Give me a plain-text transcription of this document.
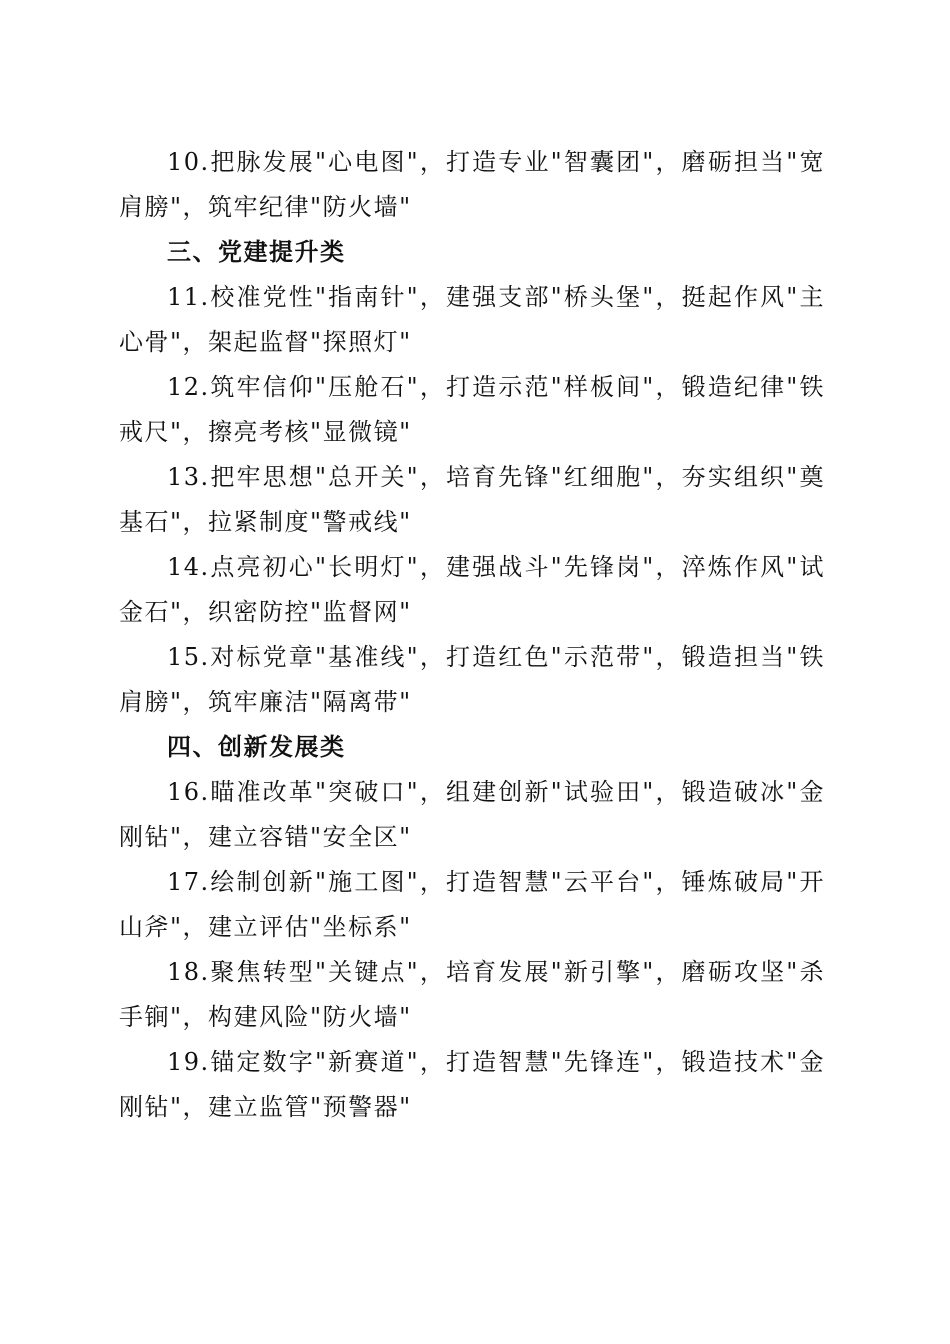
10.把脉发展"心电图"，打造专业"智囊团"，磨砺担当"宽肩膀"，筑牢纪律"防火墙"

三、党建提升类

11.校准党性"指南针"，建强支部"桥头堡"，挺起作风"主心骨"，架起监督"探照灯"

12.筑牢信仰"压舱石"，打造示范"样板间"，锻造纪律"铁戒尺"，擦亮考核"显微镜"

13.把牢思想"总开关"，培育先锋"红细胞"，夯实组织"奠基石"，拉紧制度"警戒线"

14.点亮初心"长明灯"，建强战斗"先锋岗"，淬炼作风"试金石"，织密防控"监督网"

15.对标党章"基准线"，打造红色"示范带"，锻造担当"铁肩膀"，筑牢廉洁"隔离带"

四、创新发展类

16.瞄准改革"突破口"，组建创新"试验田"，锻造破冰"金刚钻"，建立容错"安全区"

17.绘制创新"施工图"，打造智慧"云平台"，锤炼破局"开山斧"，建立评估"坐标系"

18.聚焦转型"关键点"，培育发展"新引擎"，磨砺攻坚"杀手锏"，构建风险"防火墙"

19.锚定数字"新赛道"，打造智慧"先锋连"，锻造技术"金刚钻"，建立监管"预警器"
